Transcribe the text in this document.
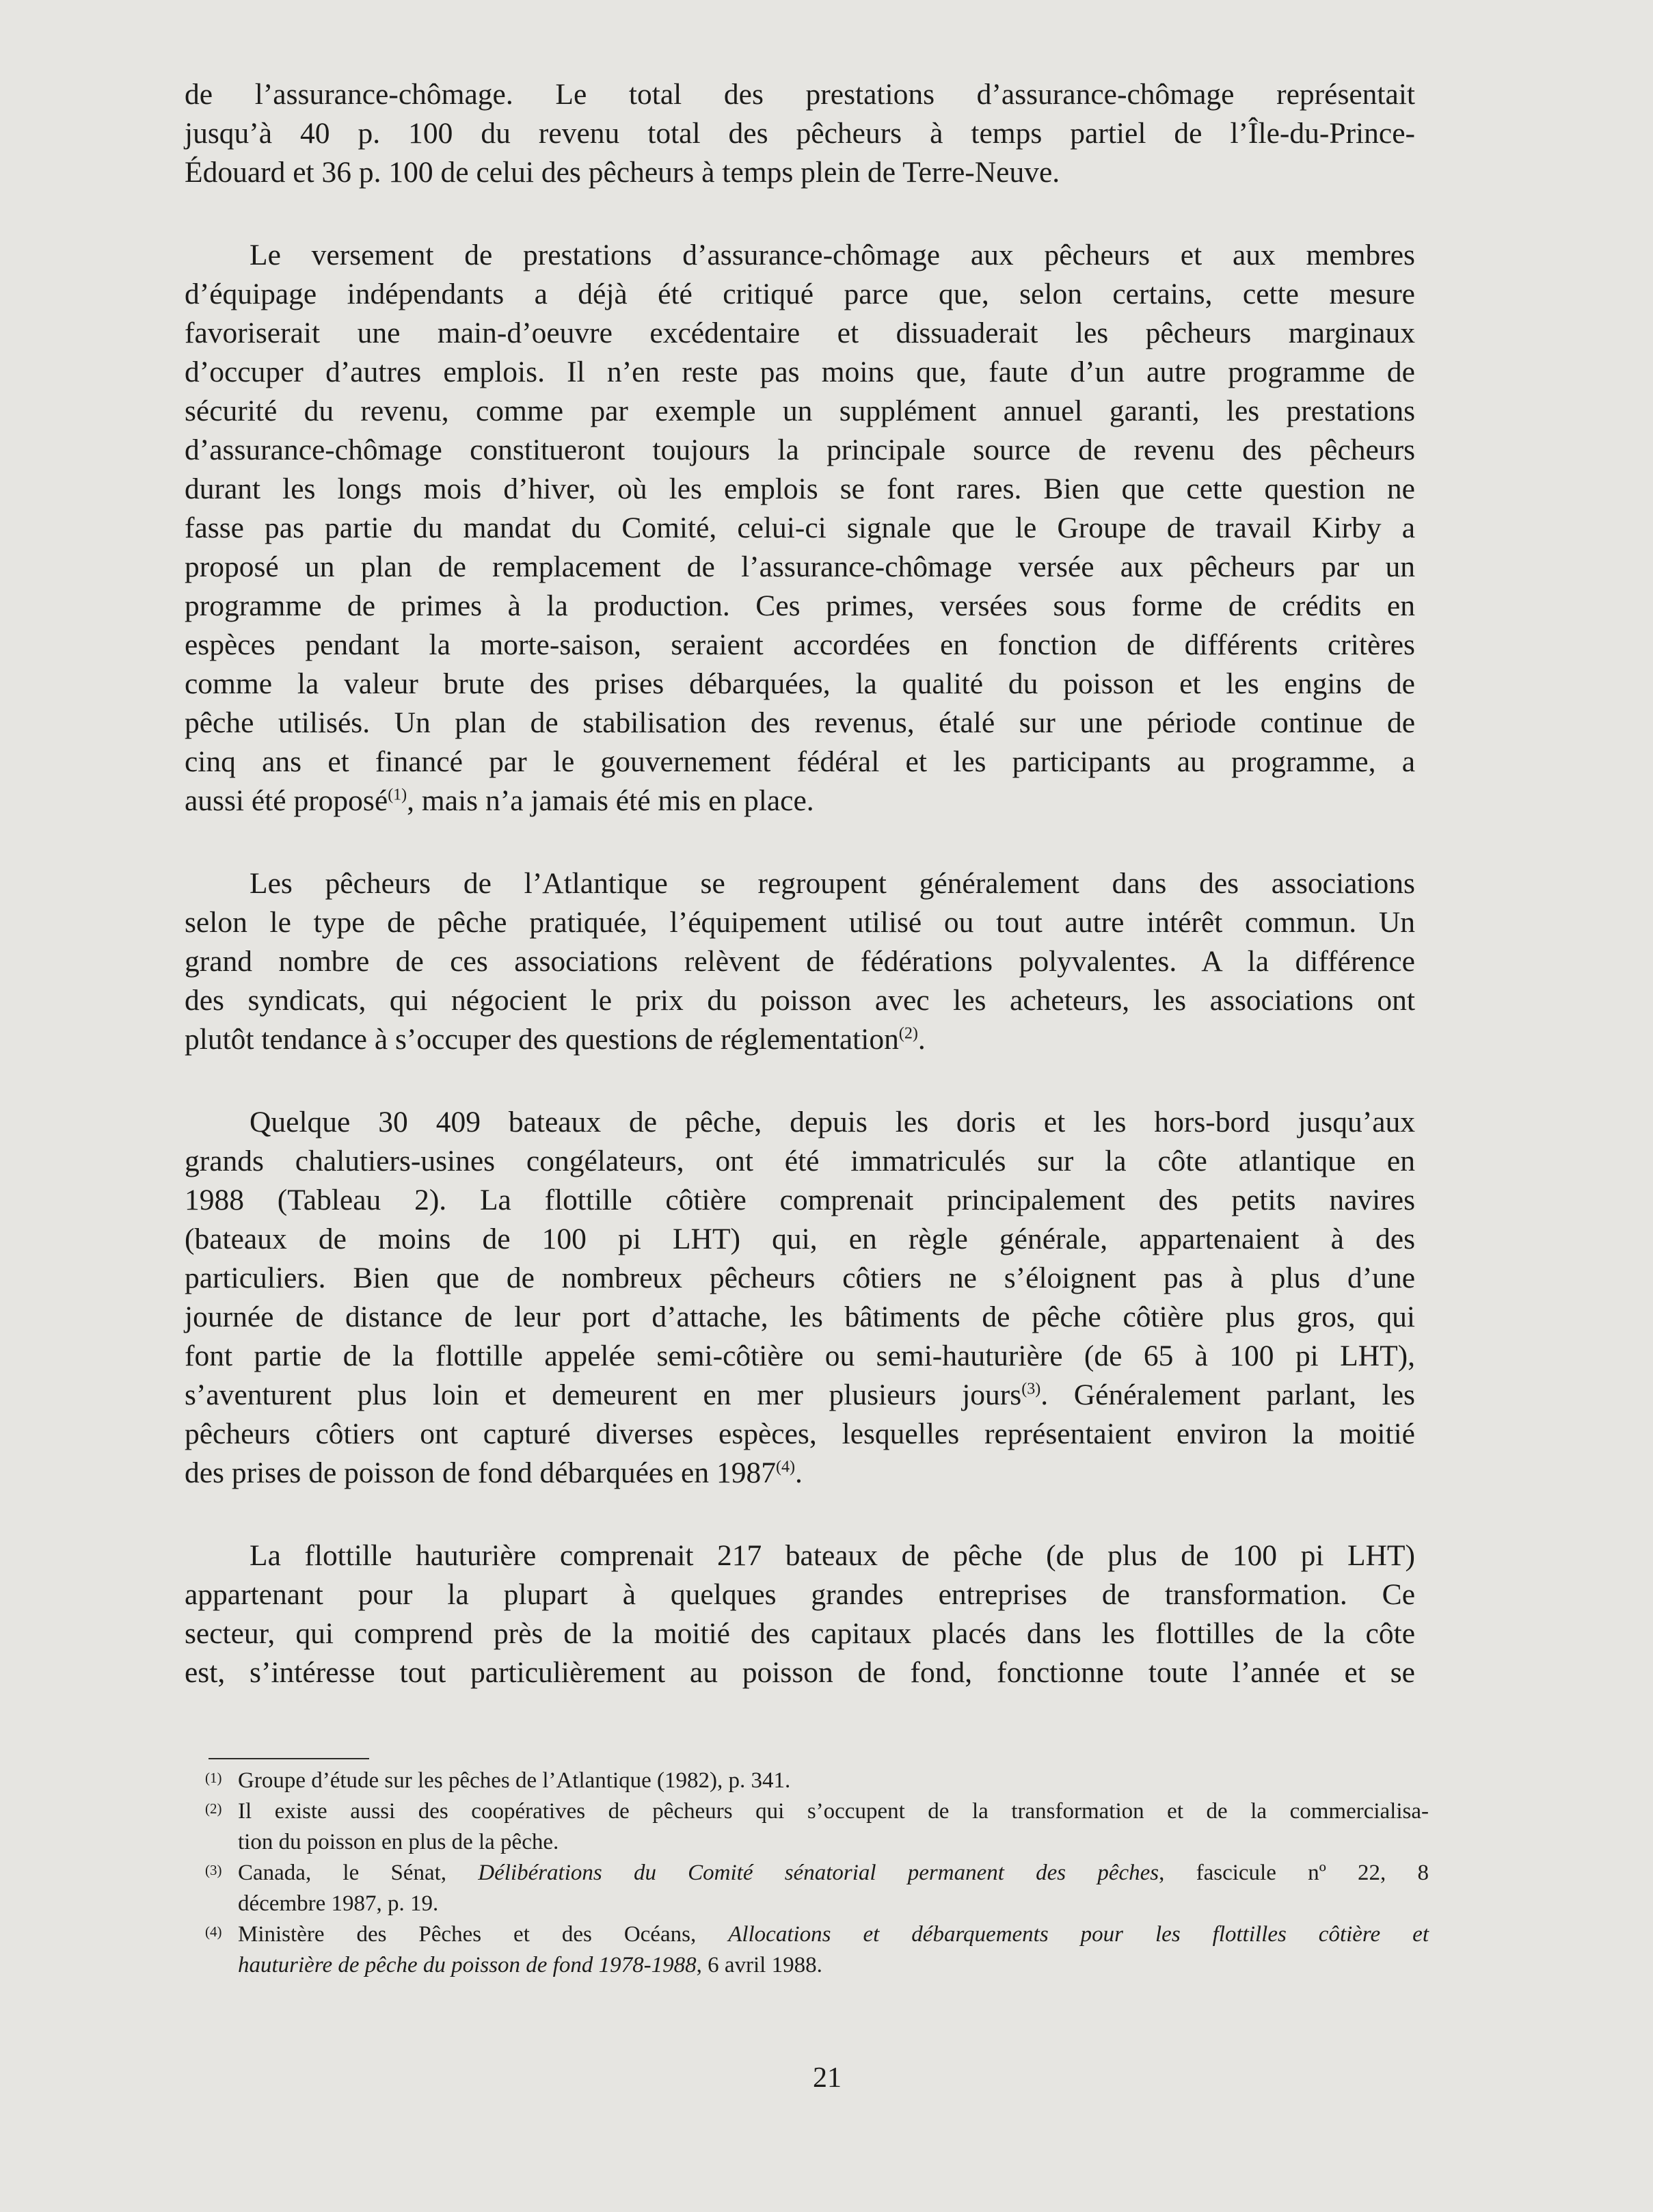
de l’assurance-chômage. Le total des prestations d’assurance-chômage représentait
jusqu’à 40 p. 100 du revenu total des pêcheurs à temps partiel de l’Île-du-Prince-
Édouard et 36 p. 100 de celui des pêcheurs à temps plein de Terre-Neuve.

Le versement de prestations d’assurance-chômage aux pêcheurs et aux membres
d’équipage indépendants a déjà été critiqué parce que, selon certains, cette mesure
favoriserait une main-d’oeuvre excédentaire et dissuaderait les pêcheurs marginaux
d’occuper d’autres emplois. Il n’en reste pas moins que, faute d’un autre programme de
sécurité du revenu, comme par exemple un supplément annuel garanti, les prestations
d’assurance-chômage constitueront toujours la principale source de revenu des pêcheurs
durant les longs mois d’hiver, où les emplois se font rares. Bien que cette question ne
fasse pas partie du mandat du Comité, celui-ci signale que le Groupe de travail Kirby a
proposé un plan de remplacement de l’assurance-chômage versée aux pêcheurs par un
programme de primes à la production. Ces primes, versées sous forme de crédits en
espèces pendant la morte-saison, seraient accordées en fonction de différents critères
comme la valeur brute des prises débarquées, la qualité du poisson et les engins de
pêche utilisés. Un plan de stabilisation des revenus, étalé sur une période continue de
cinq ans et financé par le gouvernement fédéral et les participants au programme, a
aussi été proposé$^{(1)}$, mais n’a jamais été mis en place.

Les pêcheurs de l’Atlantique se regroupent généralement dans des associations
selon le type de pêche pratiquée, l’équipement utilisé ou tout autre intérêt commun. Un
grand nombre de ces associations relèvent de fédérations polyvalentes. A la différence
des syndicats, qui négocient le prix du poisson avec les acheteurs, les associations ont
plutôt tendance à s’occuper des questions de réglementation$^{(2)}$.

Quelque 30 409 bateaux de pêche, depuis les doris et les hors-bord jusqu’aux
grands chalutiers-usines congélateurs, ont été immatriculés sur la côte atlantique en
1988 (Tableau 2). La flottille côtière comprenait principalement des petits navires
(bateaux de moins de 100 pi LHT) qui, en règle générale, appartenaient à des
particuliers. Bien que de nombreux pêcheurs côtiers ne s’éloignent pas à plus d’une
journée de distance de leur port d’attache, les bâtiments de pêche côtière plus gros, qui
font partie de la flottille appelée semi-côtière ou semi-hauturière (de 65 à 100 pi LHT),
s’aventurent plus loin et demeurent en mer plusieurs jours$^{(3)}$. Généralement parlant, les
pêcheurs côtiers ont capturé diverses espèces, lesquelles représentaient environ la moitié
des prises de poisson de fond débarquées en 1987$^{(4)}$.

La flottille hauturière comprenait 217 bateaux de pêche (de plus de 100 pi LHT)
appartenant pour la plupart à quelques grandes entreprises de transformation. Ce
secteur, qui comprend près de la moitié des capitaux placés dans les flottilles de la côte
est, s’intéresse tout particulièrement au poisson de fond, fonctionne toute l’année et se

(1) Groupe d’étude sur les pêches de l’Atlantique (1982), p. 341.

(2) Il existe aussi des coopératives de pêcheurs qui s’occupent de la transformation et de la commercialisa-
tion du poisson en plus de la pêche.

(3) Canada, le Sénat, Délibérations du Comité sénatorial permanent des pêches, fascicule nº 22, 8
décembre 1987, p. 19.

(4) Ministère des Pêches et des Océans, Allocations et débarquements pour les flottilles côtière et
hauturière de pêche du poisson de fond 1978-1988, 6 avril 1988.

21
